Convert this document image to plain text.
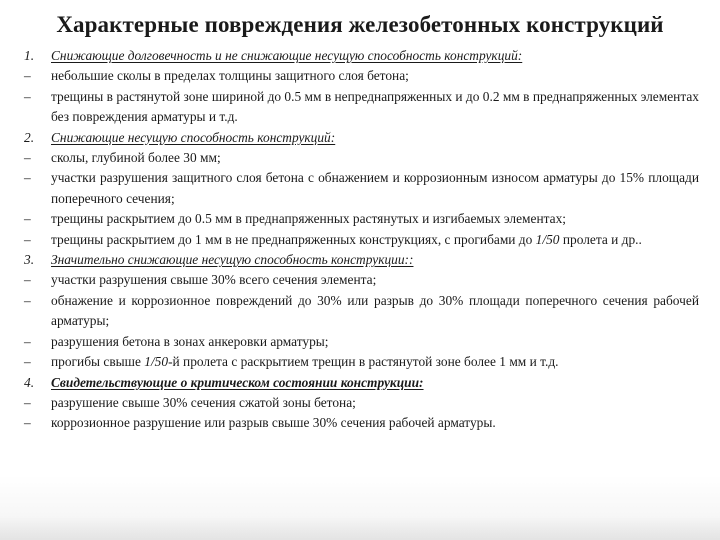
Характерные повреждения железобетонных конструкций
1.	Снижающие долговечность и не снижающие несущую способность конструкций:
–	небольшие сколы в пределах толщины защитного слоя бетона;
–	трещины в растянутой зоне шириной до 0.5 мм в непреднапряженных и до 0.2 мм в преднапряженных элементах без повреждения арматуры и т.д.
2.	Снижающие несущую способность конструкций:
–	сколы, глубиной более 30 мм;
–	участки разрушения защитного слоя бетона с обнажением и коррозионным износом арматуры до 15% площади поперечного сечения;
–	трещины раскрытием до 0.5 мм в преднапряженных растянутых и изгибаемых элементах;
–	трещины раскрытием до 1 мм в не преднапряженных конструкциях, с прогибами до 1/50 пролета и др..
3.	Значительно снижающие несущую способность конструкции::
–	участки разрушения свыше 30% всего сечения элемента;
–	обнажение и коррозионное повреждений до 30% или разрыв до 30% площади поперечного сечения рабочей арматуры;
–	разрушения бетона в зонах анкеровки арматуры;
–	прогибы свыше 1/50-й пролета с раскрытием трещин в растянутой зоне более 1 мм и т.д.
4.	Свидетельствующие о критическом состоянии конструкции:
–	разрушение свыше 30% сечения сжатой зоны бетона;
–	коррозионное разрушение или разрыв свыше 30% сечения рабочей арматуры.
